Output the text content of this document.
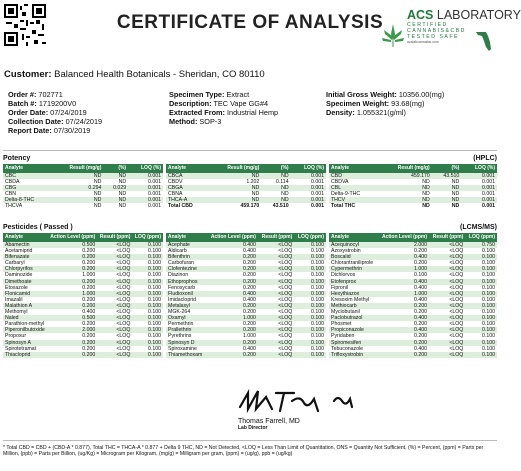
CERTIFICATE OF ANALYSIS	ACS LABORATORY
CERTIFIED
CANNABIS&CBD
TESTED SAFE
acslabcannabis.com
Customer: Balanced Health Botanicals - Sheridan, CO 80110
Order #: 702771
Batch #: 1719200V0
Order Date: 07/24/2019
Collection Date: 07/24/2019
Report Date: 07/30/2019
Specimen Type: Extract
Description: TEC Vape GG#4
Extracted From: Industrial Hemp
Method: SOP-3
Initial Gross Weight: 10356.00(mg)
Specimen Weight: 93.68(mg)
Density: 1.055321(g/ml)
Potency	(HPLC)
Analyte	Result (mg/g)	(%)	LOQ (%)
CBC	ND	ND	0.001
CBDA	ND	ND	0.001
CBG	0.294	0.029	0.001
CBN	ND	ND	0.001
Delta-8-THC	ND	ND	0.001
THCVA	ND	ND	0.001
Analyte	Result (mg/g)	(%)	LOQ (%)
CBCA	ND	ND	0.001
CBDV	1.202	0.114	0.001
CBGA	ND	ND	0.001
CBNA	ND	ND	0.001
THCA-A	ND	ND	0.001
Total CBD	459.170	43.510	0.001
Analyte	Result (mg/g)	(%)	LOQ (%)
CBD	459.170	43.510	0.001
CBDVA	ND	ND	0.001
CBL	ND	ND	0.001
Delta-9-THC	ND	ND	0.001
THCV	ND	ND	0.001
Total THC	ND	ND	0.001
Pesticides ( Passed )	(LCMS/MS)
Analyte	Action Level (ppm)	Result (ppm)	LOQ (ppm)
Abamectin	0.500	<LOQ	0.100
Acetamiprid	0.200	<LOQ	0.100
Bifenazate	0.200	<LOQ	0.100
Carbaryl	0.200	<LOQ	0.100
Chlorpyrifos	0.200	<LOQ	0.100
Daminozide	1.000	<LOQ	0.100
Dimethoate	0.200	<LOQ	0.100
Etoxazole	0.200	<LOQ	0.100
Flonicamid	1.000	<LOQ	0.100
Imazalil	0.200	<LOQ	0.100
Malathion A	0.200	<LOQ	0.100
Methomyl	0.400	<LOQ	0.100
Naled	0.500	<LOQ	0.100
Parathion-methyl	0.200	<LOQ	0.100
Piperonilbutoxide	2.000	<LOQ	0.100
Propoxur	0.200	<LOQ	0.100
Spinosyn A	0.200	<LOQ	0.100
Spirotetramat	0.200	<LOQ	0.100
Thiacloprid	0.200	<LOQ	0.100
Analyte	Action Level (ppm)	Result (ppm)	LOQ (ppm)
Acephate	0.400	<LOQ	0.100
Aldicarb	0.400	<LOQ	0.100
Bifenthrin	0.200	<LOQ	0.100
Carbofuran	0.200	<LOQ	0.100
Clofentezine	0.200	<LOQ	0.100
Diazinon	0.200	<LOQ	0.100
Ethoprophos	0.200	<LOQ	0.100
Fenoxycarb	0.200	<LOQ	0.100
Fludioxonil	0.400	<LOQ	0.100
Imidacloprid	0.400	<LOQ	0.100
Metalaxyl	0.200	<LOQ	0.100
MGK-264	0.200	<LOQ	0.100
Oxamyl	1.000	<LOQ	0.100
Permethrin	0.200	<LOQ	0.100
Prallethrin	0.200	<LOQ	0.100
Pyrethrins	1.000	<LOQ	0.100
Spinosyn D	0.200	<LOQ	0.100
Spiroxamine	0.400	<LOQ	0.100
Thiamethoxam	0.200	<LOQ	0.100
Analyte	Action Level (ppm)	Result (ppm)	LOQ (ppm)
Acequinocyl	2.000	<LOQ	0.750
Azoxystrobin	0.200	<LOQ	0.100
Boscalid	0.400	<LOQ	0.100
Chlorantraniliprole	0.200	<LOQ	0.100
Cypermethrin	1.000	<LOQ	0.100
Dichlorvos	0.100	<LOQ	0.100
Etofenprox	0.400	<LOQ	0.100
Fipronil	0.400	<LOQ	0.100
Hexythiazox	1.000	<LOQ	0.100
Kresoxim Methyl	0.400	<LOQ	0.100
Methiocarb	0.200	<LOQ	0.100
Myclobutanil	0.200	<LOQ	0.100
Paclobutrazol	0.400	<LOQ	0.100
Phosmet	0.200	<LOQ	0.100
Propiconazole	0.400	<LOQ	0.100
Pyridaben	0.200	<LOQ	0.100
Spiromesifen	0.200	<LOQ	0.100
Tebuconazole	0.400	<LOQ	0.100
Trifloxystrobin	0.200	<LOQ	0.100
Thomas Farrell, MD
Lab Director
* Total CBD = CBD + (CBD-A * 0.877), Total THC = THCA-A * 0.877 + Delta 9 THC, ND = Not Detected, <LOQ = Less Than Limit of Quantitation, ONS = Quantity Not Sufficient, (%) = Percent, (ppm) = Parts per Million, (ppb) = Parts per Billion, (ug/Kg) = Microgram per Kilogram, (mg/g) = Milligram per gram, (ppm) = (ug/g), ppb = (ug/kg)
